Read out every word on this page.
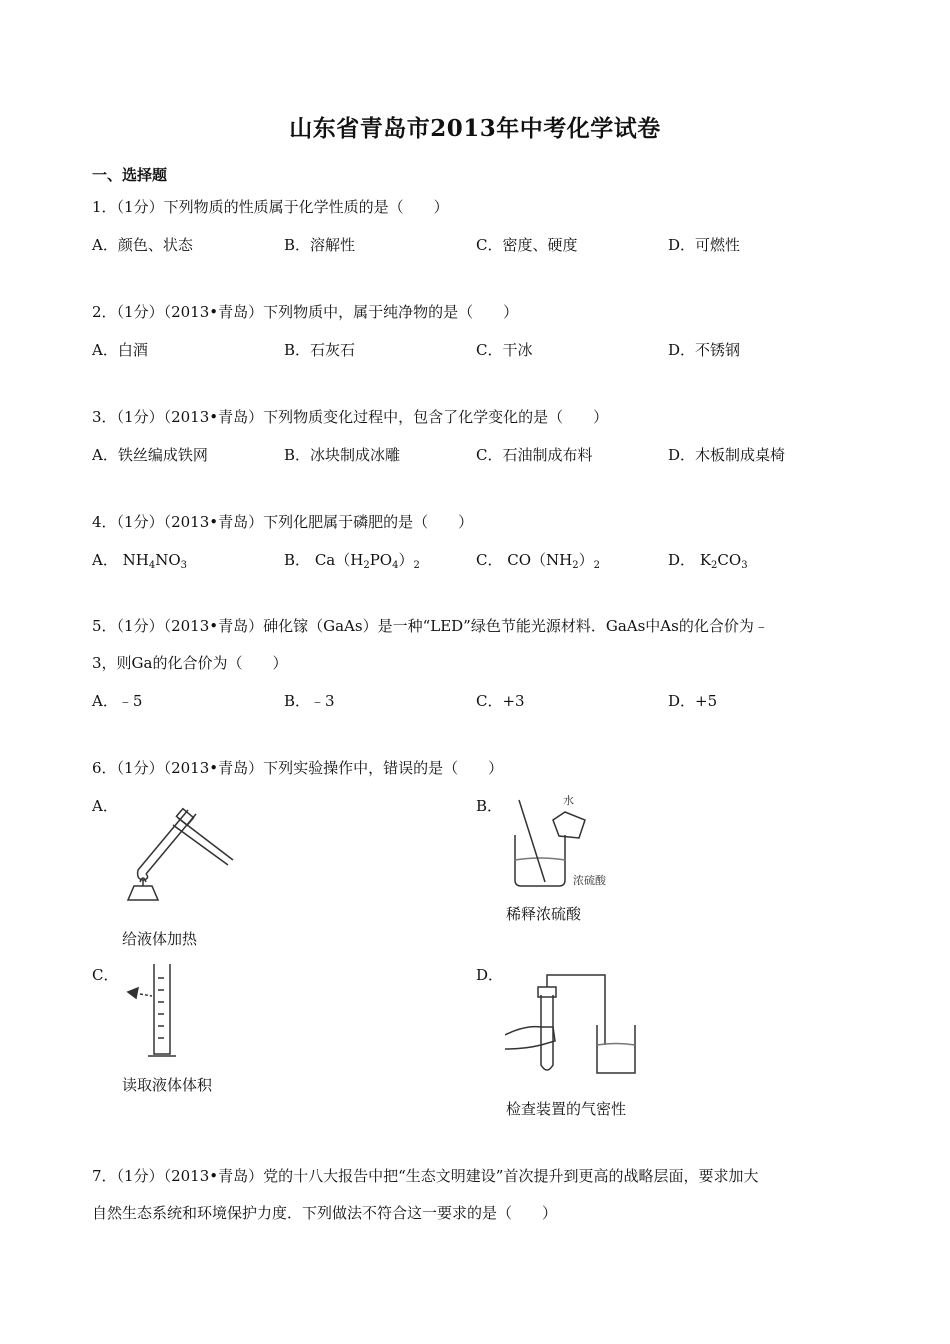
山东省青岛市2013年中考化学试卷
一、选择题
1．（1分）下列物质的性质属于化学性质的是（　　）
A．颜色、状态	B．溶解性	C．密度、硬度	D．可燃性
2．（1分）（2013•青岛）下列物质中，属于纯净物的是（　　）
A．白酒	B．石灰石	C．干冰	D．不锈钢
3．（1分）（2013•青岛）下列物质变化过程中，包含了化学变化的是（　　）
A．铁丝编成铁网	B．冰块制成冰雕	C．石油制成布料	D．木板制成桌椅
4．（1分）（2013•青岛）下列化肥属于磷肥的是（　　）
A． $NH_4NO_3$	B． $Ca(H_2PO_4)_2$	C． $CO(NH_2)_2$	D． $K_2CO_3$
5．（1分）（2013•青岛）砷化镓（GaAs）是一种“LED”绿色节能光源材料．GaAs中As的化合价为﹣
3，则Ga的化合价为（　　）
A．﹣5	B．﹣3	C．+3	D．+5
6．（1分）（2013•青岛）下列实验操作中，错误的是（　　）
A．
给液体加热
B．	水
浓硫酸
稀释浓硫酸
C．
读取液体体积
D．
检查装置的气密性
7．（1分）（2013•青岛）党的十八大报告中把“生态文明建设”首次提升到更高的战略层面，要求加大
自然生态系统和环境保护力度．下列做法不符合这一要求的是（　　）
